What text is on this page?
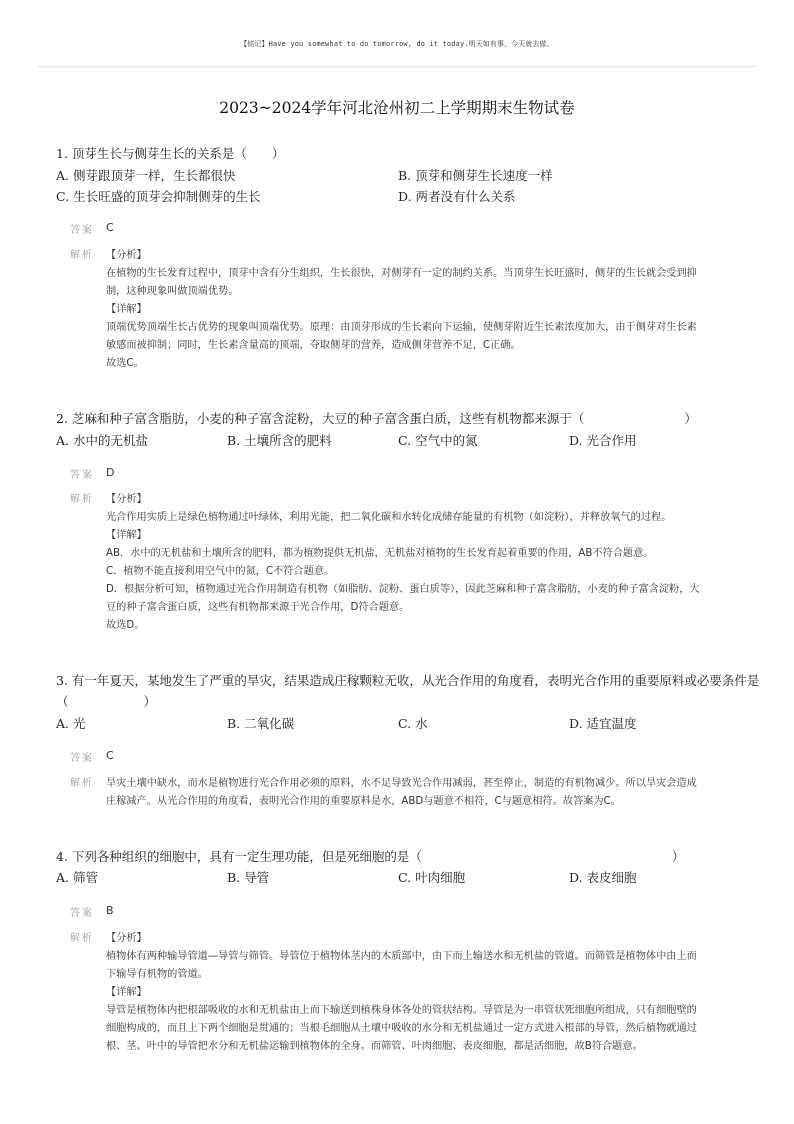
【铭记】Have you somewhat to do tomorrow, do it today.明天如有事，今天就去做。
2023~2024学年河北沧州初二上学期期末生物试卷
1. 顶芽生长与侧芽生长的关系是（　　）
A. 侧芽跟顶芽一样，生长都很快	B. 顶芽和侧芽生长速度一样
C. 生长旺盛的顶芽会抑制侧芽的生长	D. 两者没有什么关系
答案 C
解析 【分析】
在植物的生长发育过程中，顶芽中含有分生组织，生长很快，对侧芽有一定的制约关系。当顶芽生长旺盛时，侧芽的生长就会受到抑
制，这种现象叫做顶端优势。
【详解】
顶端优势顶端生长占优势的现象叫顶端优势。原理：由顶芽形成的生长素向下运输，使侧芽附近生长素浓度加大，由于侧芽对生长素
敏感而被抑制；同时，生长素含量高的顶端，夺取侧芽的营养，造成侧芽营养不足，C正确。
故选C。
2. 芝麻和种子富含脂肪，小麦的种子富含淀粉，大豆的种子富含蛋白质，这些有机物都来源于（　　　　　　　　）
A. 水中的无机盐	B. 土壤所含的肥料	C. 空气中的氮	D. 光合作用
答案 D
解析 【分析】
光合作用实质上是绿色植物通过叶绿体，利用光能，把二氧化碳和水转化成储存能量的有机物（如淀粉），并释放氧气的过程。
【详解】
AB．水中的无机盐和土壤所含的肥料，都为植物提供无机盐，无机盐对植物的生长发育起着重要的作用，AB不符合题意。
C．植物不能直接利用空气中的氮，C不符合题意。
D．根据分析可知，植物通过光合作用制造有机物（如脂肪、淀粉、蛋白质等），因此芝麻和种子富含脂肪，小麦的种子富含淀粉，大
豆的种子富含蛋白质，这些有机物都来源于光合作用，D符合题意。
故选D。
3. 有一年夏天，某地发生了严重的旱灾，结果造成庄稼颗粒无收，从光合作用的角度看，表明光合作用的重要原料或必要条件是
（　　　　　　）
A. 光	B. 二氧化碳	C. 水	D. 适宜温度
答案 C
解析 旱灾土壤中缺水，而水是植物进行光合作用必须的原料，水不足导致光合作用减弱，甚至停止，制造的有机物减少。所以旱灾会造成
庄稼减产。从光合作用的角度看，表明光合作用的重要原料是水，ABD与题意不相符，C与题意相符。故答案为C。
4. 下列各种组织的细胞中，具有一定生理功能，但是死细胞的是（　　　　　　　　　　　　　　　　　　　　）
A. 筛管	B. 导管	C. 叶肉细胞	D. 表皮细胞
答案 B
解析 【分析】
植物体有两种输导管道—导管与筛管。导管位于植物体茎内的木质部中，由下而上输送水和无机盐的管道。而筛管是植物体中由上而
下输导有机物的管道。
【详解】
导管是植物体内把根部吸收的水和无机盐由上而下输送到植株身体各处的管状结构。导管是为一串管状死细胞所组成，只有细胞壁的
细胞构成的，而且上下两个细胞是贯通的；当根毛细胞从土壤中吸收的水分和无机盐通过一定方式进入根部的导管，然后植物就通过
根、茎、叶中的导管把水分和无机盐运输到植物体的全身。而筛管、叶肉细胞、表皮细胞，都是活细胞，故B符合题意。
